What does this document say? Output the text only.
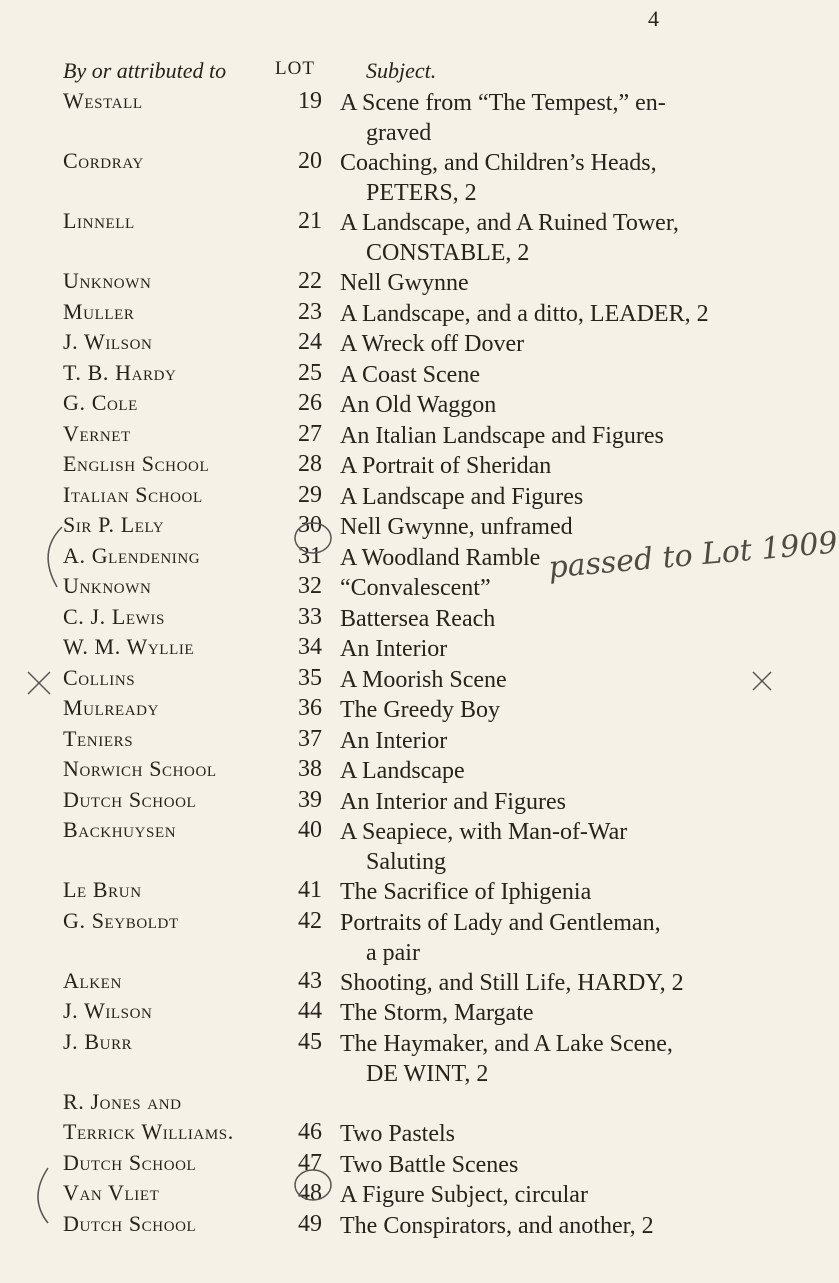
4
By or attributed to	LOT Subject.
Westall	19 A Scene from “The Tempest,” en-
graved
Cordray	20 Coaching, and Children’s Heads,
PETERS, 2
Linnell	21 A Landscape, and A Ruined Tower,
CONSTABLE, 2
Unknown	22 Nell Gwynne
Muller	23 A Landscape, and a ditto, LEADER, 2
J. Wilson	24 A Wreck off Dover
T. B. Hardy	25 A Coast Scene
G. Cole	26 An Old Waggon
Vernet	27 An Italian Landscape and Figures
English School	28 A Portrait of Sheridan
Italian School	29 A Landscape and Figures
Sir P. Lely	30 Nell Gwynne, unframed
A. Glendening	31 A Woodland Ramble
Unknown	32 “Convalescent”
C. J. Lewis	33 Battersea Reach
W. M. Wyllie	34 An Interior
Collins	35 A Moorish Scene
Mulready	36 The Greedy Boy
Teniers	37 An Interior
Norwich School	38 A Landscape
Dutch School	39 An Interior and Figures
Backhuysen	40 A Seapiece, with Man-of-War
Saluting
Le Brun	41 The Sacrifice of Iphigenia
G. Seyboldt	42 Portraits of Lady and Gentleman,
a pair
Alken	43 Shooting, and Still Life, HARDY, 2
J. Wilson	44 The Storm, Margate
J. Burr	45 The Haymaker, and A Lake Scene,
DE WINT, 2
R. Jones and
Terrick Williams.	46 Two Pastels
Dutch School	47 Two Battle Scenes
Van Vliet	48 A Figure Subject, circular
Dutch School	49 The Conspirators, and another, 2
passed to Lot 1909
